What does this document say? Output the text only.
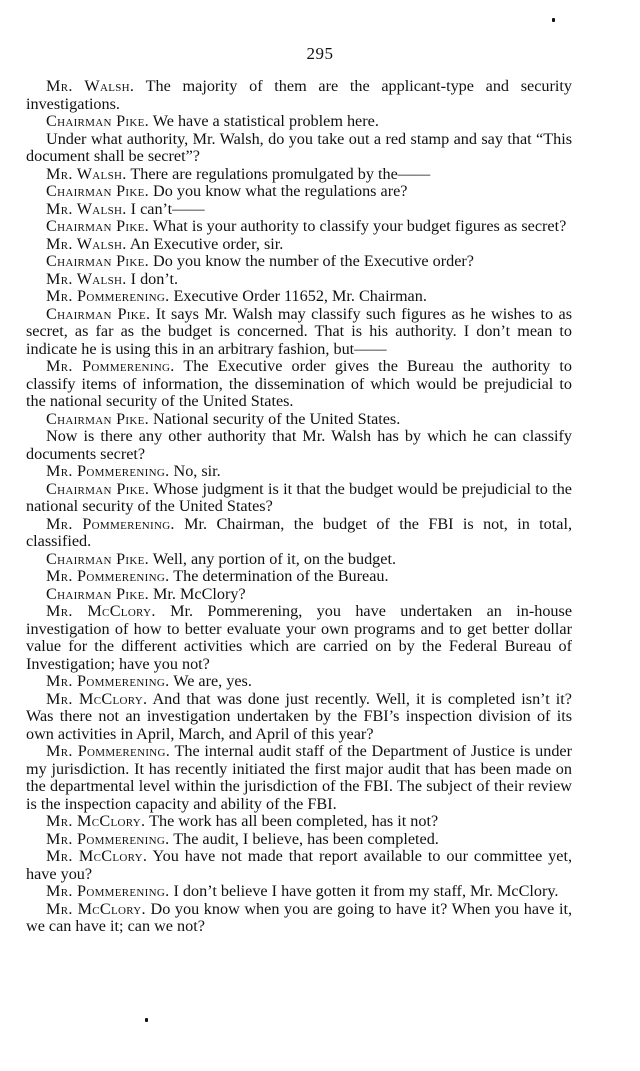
295

Mr. Walsh. The majority of them are the applicant-type and security investigations.

Chairman Pike. We have a statistical problem here.

Under what authority, Mr. Walsh, do you take out a red stamp and say that “This document shall be secret”?

Mr. Walsh. There are regulations promulgated by the——

Chairman Pike. Do you know what the regulations are?

Mr. Walsh. I can’t——

Chairman Pike. What is your authority to classify your budget figures as secret?

Mr. Walsh. An Executive order, sir.

Chairman Pike. Do you know the number of the Executive order?

Mr. Walsh. I don’t.

Mr. Pommerening. Executive Order 11652, Mr. Chairman.

Chairman Pike. It says Mr. Walsh may classify such figures as he wishes to as secret, as far as the budget is concerned. That is his authority. I don’t mean to indicate he is using this in an arbitrary fashion, but——

Mr. Pommerening. The Executive order gives the Bureau the authority to classify items of information, the dissemination of which would be prejudicial to the national security of the United States.

Chairman Pike. National security of the United States.

Now is there any other authority that Mr. Walsh has by which he can classify documents secret?

Mr. Pommerening. No, sir.

Chairman Pike. Whose judgment is it that the budget would be prejudicial to the national security of the United States?

Mr. Pommerening. Mr. Chairman, the budget of the FBI is not, in total, classified.

Chairman Pike. Well, any portion of it, on the budget.

Mr. Pommerening. The determination of the Bureau.

Chairman Pike. Mr. McClory?

Mr. McClory. Mr. Pommerening, you have undertaken an in-house investigation of how to better evaluate your own programs and to get better dollar value for the different activities which are carried on by the Federal Bureau of Investigation; have you not?

Mr. Pommerening. We are, yes.

Mr. McClory. And that was done just recently. Well, it is completed isn’t it? Was there not an investigation undertaken by the FBI’s inspection division of its own activities in April, March, and April of this year?

Mr. Pommerening. The internal audit staff of the Department of Justice is under my jurisdiction. It has recently initiated the first major audit that has been made on the departmental level within the jurisdiction of the FBI. The subject of their review is the inspection capacity and ability of the FBI.

Mr. McClory. The work has all been completed, has it not?

Mr. Pommerening. The audit, I believe, has been completed.

Mr. McClory. You have not made that report available to our committee yet, have you?

Mr. Pommerening. I don’t believe I have gotten it from my staff, Mr. McClory.

Mr. McClory. Do you know when you are going to have it? When you have it, we can have it; can we not?
